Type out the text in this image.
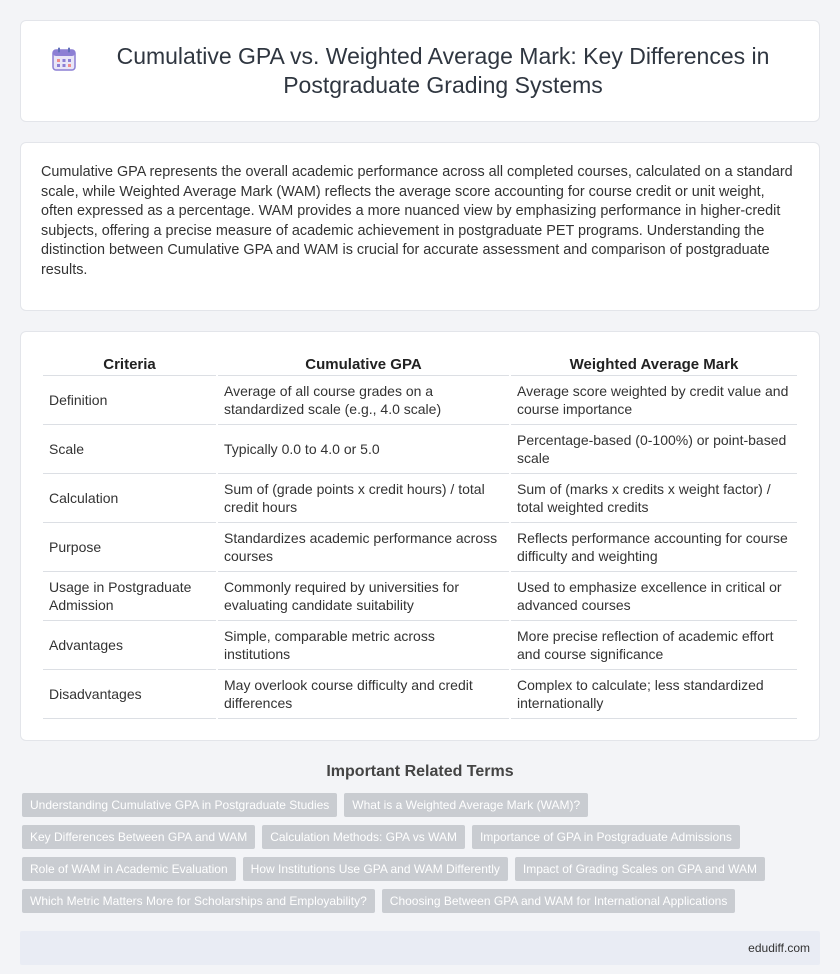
Cumulative GPA vs. Weighted Average Mark: Key Differences in Postgraduate Grading Systems

Cumulative GPA represents the overall academic performance across all completed courses, calculated on a standard scale, while Weighted Average Mark (WAM) reflects the average score accounting for course credit or unit weight, often expressed as a percentage. WAM provides a more nuanced view by emphasizing performance in higher-credit subjects, offering a precise measure of academic achievement in postgraduate PET programs. Understanding the distinction between Cumulative GPA and WAM is crucial for accurate assessment and comparison of postgraduate results.

Criteria	Cumulative GPA	Weighted Average Mark
Definition	Average of all course grades on a standardized scale (e.g., 4.0 scale)	Average score weighted by credit value and course importance
Scale	Typically 0.0 to 4.0 or 5.0	Percentage-based (0-100%) or point-based scale
Calculation	Sum of (grade points x credit hours) / total credit hours	Sum of (marks x credits x weight factor) / total weighted credits
Purpose	Standardizes academic performance across courses	Reflects performance accounting for course difficulty and weighting
Usage in Postgraduate Admission	Commonly required by universities for evaluating candidate suitability	Used to emphasize excellence in critical or advanced courses
Advantages	Simple, comparable metric across institutions	More precise reflection of academic effort and course significance
Disadvantages	May overlook course difficulty and credit differences	Complex to calculate; less standardized internationally
Important Related Terms
Understanding Cumulative GPA in Postgraduate Studies	What is a Weighted Average Mark (WAM)?
Key Differences Between GPA and WAM	Calculation Methods: GPA vs WAM	Importance of GPA in Postgraduate Admissions
Role of WAM in Academic Evaluation	How Institutions Use GPA and WAM Differently	Impact of Grading Scales on GPA and WAM
Which Metric Matters More for Scholarships and Employability?	Choosing Between GPA and WAM for International Applications
edudiff.com
